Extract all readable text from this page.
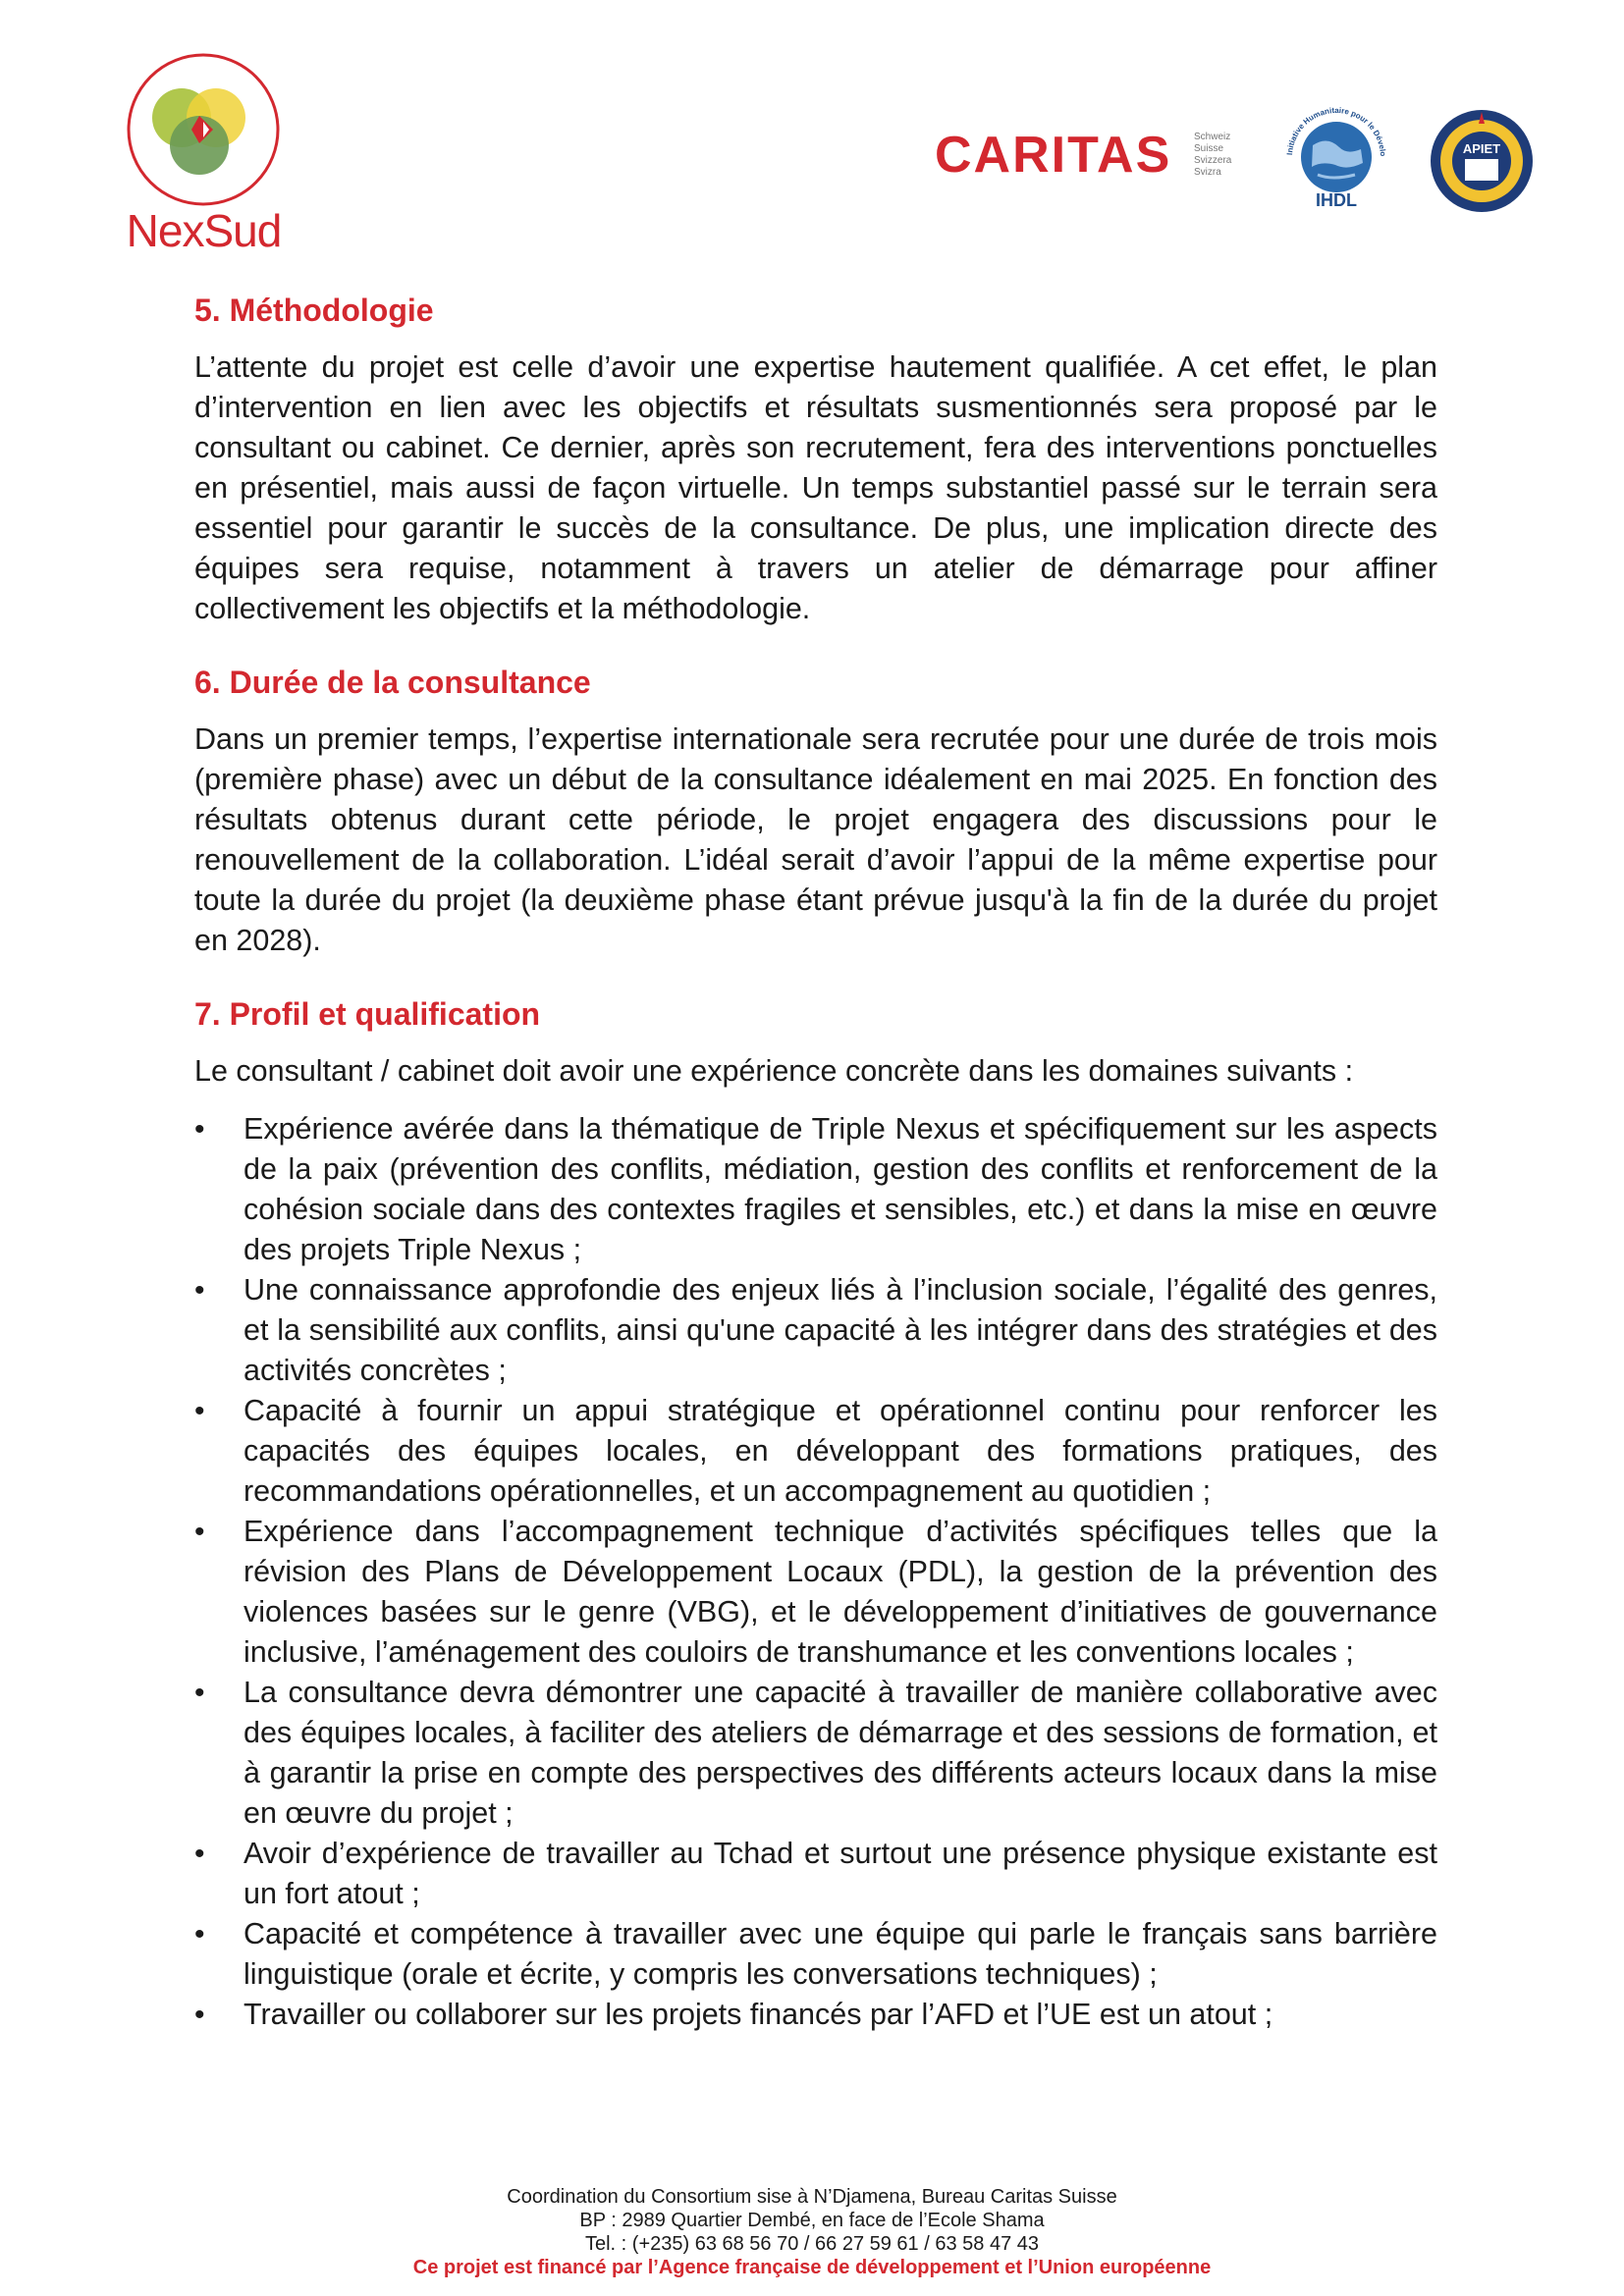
NexSud
CARITAS Schweiz
Suisse
Svizzera
Svizra
Initiative Humanitaire pour le Dévelo
IHDL
APIET
5. Méthodologie

L’attente du projet est celle d’avoir une expertise hautement qualifiée. A cet effet, le plan d’intervention en lien avec les objectifs et résultats susmentionnés sera proposé par le consultant ou cabinet. Ce dernier, après son recrutement, fera des interventions ponctuelles en présentiel, mais aussi de façon virtuelle. Un temps substantiel passé sur le terrain sera essentiel pour garantir le succès de la consultance. De plus, une implication directe des équipes sera requise, notamment à travers un atelier de démarrage pour affiner collectivement les objectifs et la méthodologie.

6. Durée de la consultance

Dans un premier temps, l’expertise internationale sera recrutée pour une durée de trois mois (première phase) avec un début de la consultance idéalement en mai 2025. En fonction des résultats obtenus durant cette période, le projet engagera des discussions pour le renouvellement de la collaboration. L’idéal serait d’avoir l’appui de la même expertise pour toute la durée du projet (la deuxième phase étant prévue jusqu'à la fin de la durée du projet en 2028).

7. Profil et qualification

Le consultant / cabinet doit avoir une expérience concrète dans les domaines suivants :

• Expérience avérée dans la thématique de Triple Nexus et spécifiquement sur les aspects de la paix (prévention des conflits, médiation, gestion des conflits et renforcement de la cohésion sociale dans des contextes fragiles et sensibles, etc.) et dans la mise en œuvre des projets Triple Nexus ;
• Une connaissance approfondie des enjeux liés à l’inclusion sociale, l’égalité des genres, et la sensibilité aux conflits, ainsi qu'une capacité à les intégrer dans des stratégies et des activités concrètes ;
• Capacité à fournir un appui stratégique et opérationnel continu pour renforcer les capacités des équipes locales, en développant des formations pratiques, des recommandations opérationnelles, et un accompagnement au quotidien ;
• Expérience dans l’accompagnement technique d’activités spécifiques telles que la révision des Plans de Développement Locaux (PDL), la gestion de la prévention des violences basées sur le genre (VBG), et le développement d’initiatives de gouvernance inclusive, l’aménagement des couloirs de transhumance et les conventions locales ;
• La consultance devra démontrer une capacité à travailler de manière collaborative avec des équipes locales, à faciliter des ateliers de démarrage et des sessions de formation, et à garantir la prise en compte des perspectives des différents acteurs locaux dans la mise en œuvre du projet ;
• Avoir d’expérience de travailler au Tchad et surtout une présence physique existante est un fort atout ;
• Capacité et compétence à travailler avec une équipe qui parle le français sans barrière linguistique (orale et écrite, y compris les conversations techniques) ;
• Travailler ou collaborer sur les projets financés par l’AFD et l’UE est un atout ;
Coordination du Consortium sise à N’Djamena, Bureau Caritas Suisse
BP : 2989 Quartier Dembé, en face de l’Ecole Shama
Tel. : (+235) 63 68 56 70 / 66 27 59 61 / 63 58 47 43
Ce projet est financé par l’Agence française de développement et l’Union européenne
